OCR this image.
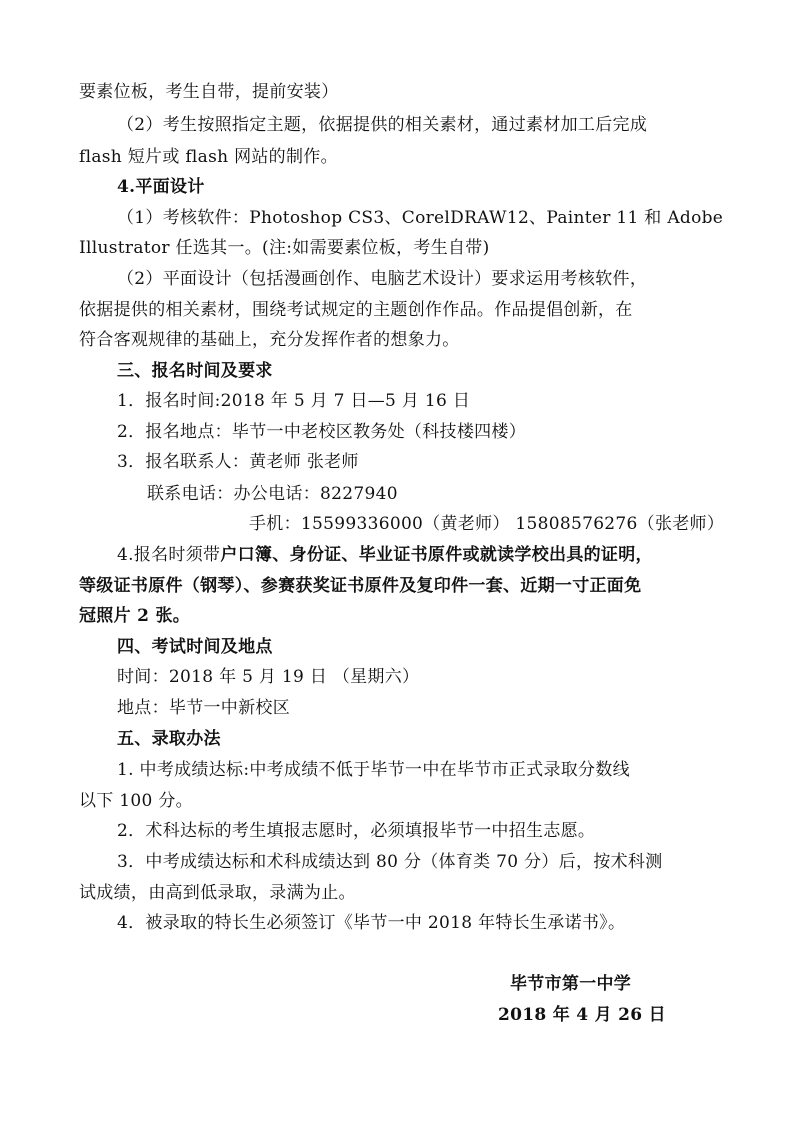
要素位板，考生自带，提前安装）
（2）考生按照指定主题，依据提供的相关素材，通过素材加工后完成
flash 短片或 flash 网站的制作。
4.平面设计
（1）考核软件：Photoshop CS3、CorelDRAW12、Painter 11 和 Adobe
Illustrator 任选其一。(注:如需要素位板，考生自带)
（2）平面设计（包括漫画创作、电脑艺术设计）要求运用考核软件，
依据提供的相关素材，围绕考试规定的主题创作作品。作品提倡创新，在
符合客观规律的基础上，充分发挥作者的想象力。
三、报名时间及要求
1．报名时间:2018 年 5 月 7 日—5 月 16 日
2．报名地点：毕节一中老校区教务处（科技楼四楼）
3．报名联系人：黄老师 张老师
联系电话：办公电话：8227940
手机：15599336000（黄老师） 15808576276（张老师）
4.报名时须带户口簿、身份证、毕业证书原件或就读学校出具的证明，
等级证书原件（钢琴）、参赛获奖证书原件及复印件一套、近期一寸正面免
冠照片 2 张。
四、考试时间及地点
时间：2018 年 5 月 19 日 （星期六）
地点：毕节一中新校区
五、录取办法
1. 中考成绩达标:中考成绩不低于毕节一中在毕节市正式录取分数线
以下 100 分。
2．术科达标的考生填报志愿时，必须填报毕节一中招生志愿。
3．中考成绩达标和术科成绩达到 80 分（体育类 70 分）后，按术科测
试成绩，由高到低录取，录满为止。
4．被录取的特长生必须签订《毕节一中 2018 年特长生承诺书》。
毕节市第一中学
2018 年 4 月 26 日
